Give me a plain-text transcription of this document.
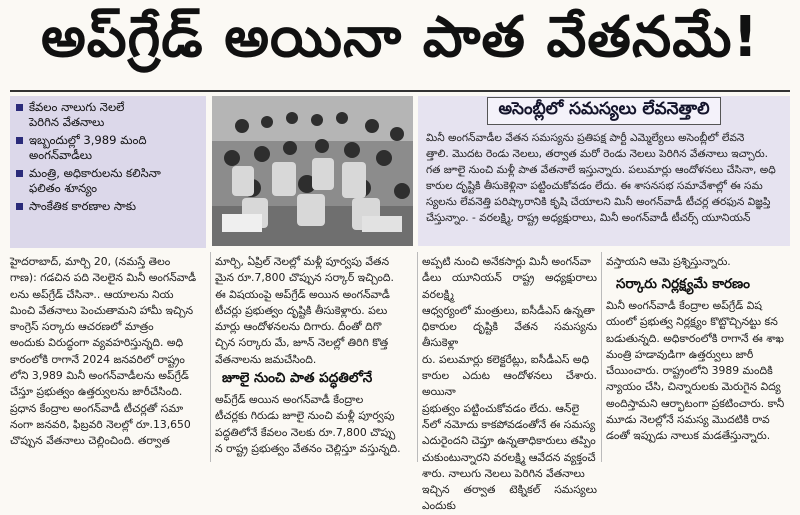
అప్‌గ్రేడ్ అయినా పాత వేతనమే!
కేవలం నాలుగు నెలలే
పెరిగిన వేతనాలు
ఇబ్బందుల్లో 3,989 మంది
అంగన్‌వాడీలు
మంత్రి, అధికారులను కలిసినా
ఫలితం శూన్యం
సాంకేతిక కారణాల సాకు
అసెంబ్లీలో సమస్యలు లేవనెత్తాలి
మినీ అంగన్‌వాడీల వేతన సమస్యను ప్రతిపక్ష పార్టీ ఎమ్మెల్యేలు అసెంబ్లీలో లేవనె
త్తాలి. మొదట రెండు నెలలు, తర్వాత మరో రెండు నెలలు పెరిగిన వేతనాలు ఇచ్చారు.
గత జూలై నుంచి మళ్లీ పాత వేతనాలే ఇస్తున్నారు. పలుమార్లు ఆందోళనలు చేసినా, అధి
కారుల దృష్టికి తీసుకెళ్లినా పట్టించుకోవడం లేదు. ఈ శాసనసభ సమావేశాల్లో ఈ సమ
స్యలను లేవనెత్తి పరిష్కారానికి కృషి చేయాలని మినీ అంగన్‌వాడీ టీచర్ల తరఫున విజ్ఞప్తి
చేస్తున్నాం. - వరలక్ష్మి, రాష్ట్ర అధ్యక్షురాలు, మినీ అంగన్‌వాడీ టీచర్స్ యూనియన్
హైదరాబాద్, మార్చి 20, (నమస్తే తెలం
గాణ): గడచిన పది నెలలైన మినీ అంగన్‌వాడీ
లను అప్‌గ్రేడ్ చేసినా.. ఆయాలను నియ
మించి వేతనాలు పెంచుతామని హామీ ఇచ్చిన
కాంగ్రెస్ సర్కారు ఆచరణలో మాత్రం
అందుకు విరుద్ధంగా వ్యవహరిస్తున్నది. అధి
కారంలోకి రాగానే 2024 జనవరిలో రాష్ట్రం
లోని 3,989 మినీ అంగన్‌వాడీలను అప్‌గ్రేడ్
చేస్తూ ప్రభుత్వం ఉత్తర్వులను జారీచేసింది.
ప్రధాన కేంద్రాల అంగన్‌వాడీ టీచర్లతో సమా
నంగా జనవరి, ఫిబ్రవరి నెలల్లో రూ.13,650
చొప్పున వేతనాలు చెల్లించింది. తర్వాత
మార్చి, ఏప్రిల్ నెలల్లో మళ్లీ పూర్వపు వేతన
మైన రూ.7,800 చొప్పున సర్కార్ ఇచ్చింది.
ఈ విషయంపై అప్‌గ్రేడ్ అయిన అంగన్‌వాడీ
టీచర్లు ప్రభుత్వం దృష్టికి తీసుకెళ్లారు. పలు
మార్లు ఆందోళనలను దిగారు. దీంతో దిగొ
చ్చిన సర్కారు మే, జూన్ నెలల్లో తిరిగి కొత్త
వేతనాలను జమచేసింది.
జూలై నుంచి పాత పద్ధతిలోనే
అప్‌గ్రేడ్ అయిన అంగన్‌వాడీ కేంద్రాల
టీచర్లకు గిరుడు జూలై నుంచి మళ్లీ పూర్వపు
పద్ధతిలోనే కేవలం నెలకు రూ.7,800 చొప్పు
న రాష్ట్ర ప్రభుత్వం వేతనం చెల్లిస్తూ వస్తున్నది.
అప్పటి నుంచి అనేకసార్లు మినీ అంగన్‌వా
డీలు యూనియన్ రాష్ట్ర అధ్యక్షురాలు వరలక్ష్మి
ఆధ్వర్యంలో మంత్రులు, ఐసీడీఎస్ ఉన్నతా
ధికారుల దృష్టికి వేతన సమస్యను తీసుకెళ్లా
రు. పలుమార్లు కలెక్టరేట్లు, ఐసీడీఎస్ అధి
కారుల ఎదుట ఆందోళనలు చేశారు. అయినా
ప్రభుత్వం పట్టించుకోవడం లేదు. ఆన్‌లై
న్‌లో నమోదు కాకపోవడంతోనే ఈ సమస్య
ఎదురైందని చెప్తూ ఉన్నతాధికారులు తప్పిం
చుకుంటున్నారని వరలక్ష్మి ఆవేదన వ్యక్తంచే
శారు. నాలుగు నెలలు పెరిగిన వేతనాలు
ఇచ్చిన తర్వాత టెక్నికల్ సమస్యలు ఎందుకు
వస్తాయని ఆమె ప్రశ్నిస్తున్నారు.
సర్కారు నిర్లక్ష్యమే కారణం
మినీ అంగన్‌వాడీ కేంద్రాల అప్‌గ్రేడ్ విష
యంలో ప్రభుత్వ నిర్లక్ష్యం కొట్టొచ్చినట్టు కన
బడుతున్నది. అధికారంలోకి రాగానే ఈ శాఖ
మంత్రి హడావుడిగా ఉత్తర్వులు జారీ
చేయించారు. రాష్ట్రంలోని 3989 మందికి
న్యాయం చేసి, చిన్నారులకు మెరుగైన విద్య
అందిస్తామని ఆర్భాటంగా ప్రకటించారు. కానీ
మూడు నెలల్లోనే సమస్య మొదటికి రావ
డంతో ఇప్పుడు నాలుక మడతేస్తున్నారు.
